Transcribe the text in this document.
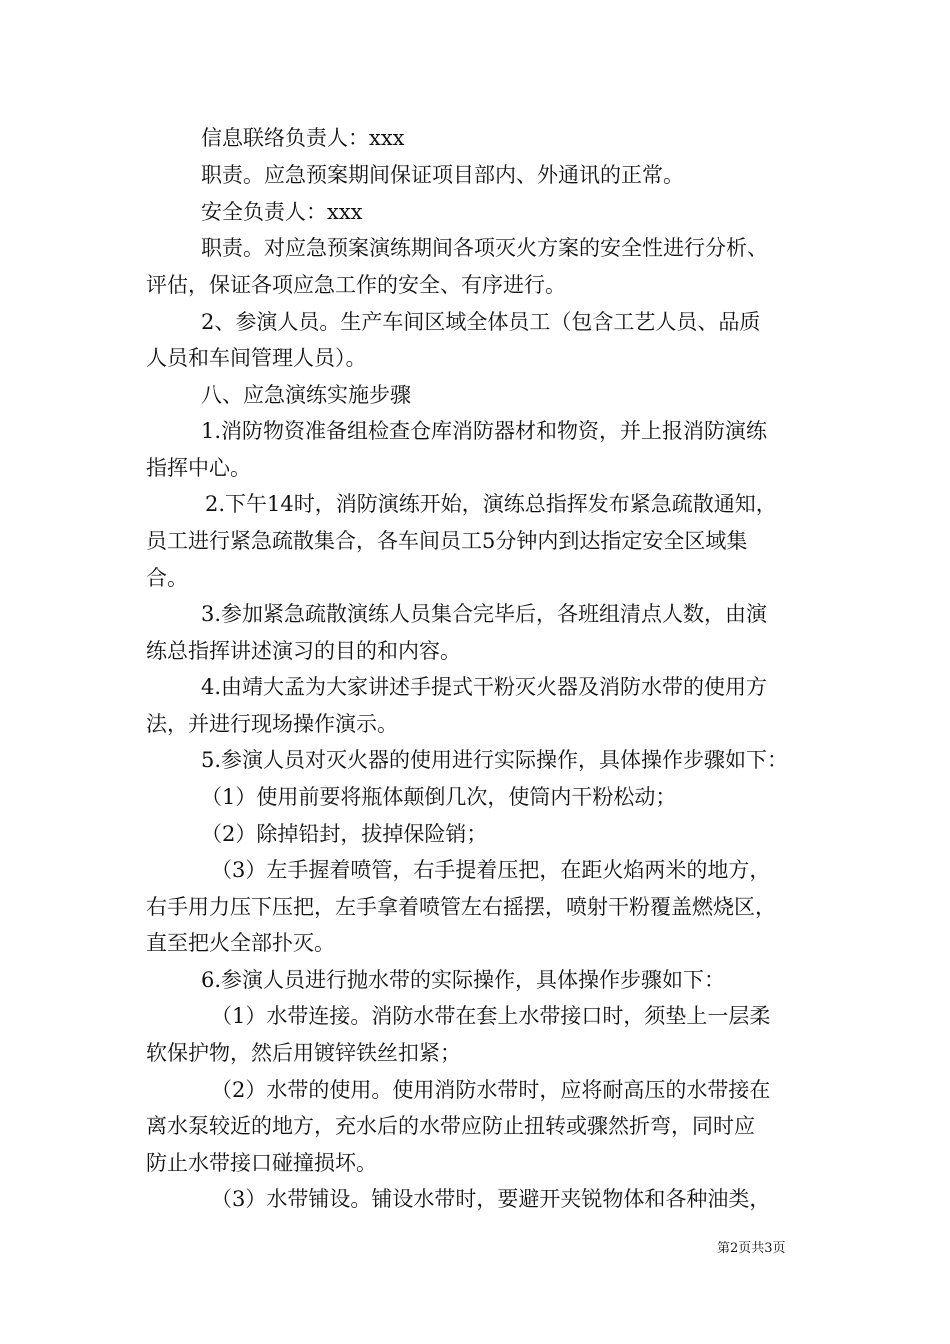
信息联络负责人：xxx
职责。应急预案期间保证项目部内、外通讯的正常。
安全负责人：xxx
职责。对应急预案演练期间各项灭火方案的安全性进行分析、
评估，保证各项应急工作的安全、有序进行。
2、参演人员。生产车间区域全体员工（包含工艺人员、品质
人员和车间管理人员）。
八、应急演练实施步骤
1.消防物资准备组检查仓库消防器材和物资，并上报消防演练
指挥中心。
2.下午14时，消防演练开始，演练总指挥发布紧急疏散通知，
员工进行紧急疏散集合，各车间员工5分钟内到达指定安全区域集
合。
3.参加紧急疏散演练人员集合完毕后，各班组清点人数，由演
练总指挥讲述演习的目的和内容。
4.由靖大孟为大家讲述手提式干粉灭火器及消防水带的使用方
法，并进行现场操作演示。
5.参演人员对灭火器的使用进行实际操作，具体操作步骤如下：
（1）使用前要将瓶体颠倒几次，使筒内干粉松动；
（2）除掉铅封，拔掉保险销；
（3）左手握着喷管，右手提着压把，在距火焰两米的地方，
右手用力压下压把，左手拿着喷管左右摇摆，喷射干粉覆盖燃烧区，
直至把火全部扑灭。
6.参演人员进行抛水带的实际操作，具体操作步骤如下：
（1）水带连接。消防水带在套上水带接口时，须垫上一层柔
软保护物，然后用镀锌铁丝扣紧；
（2）水带的使用。使用消防水带时，应将耐高压的水带接在
离水泵较近的地方，充水后的水带应防止扭转或骤然折弯，同时应
防止水带接口碰撞损坏。
（3）水带铺设。铺设水带时，要避开夹锐物体和各种油类，
第2页共3页
